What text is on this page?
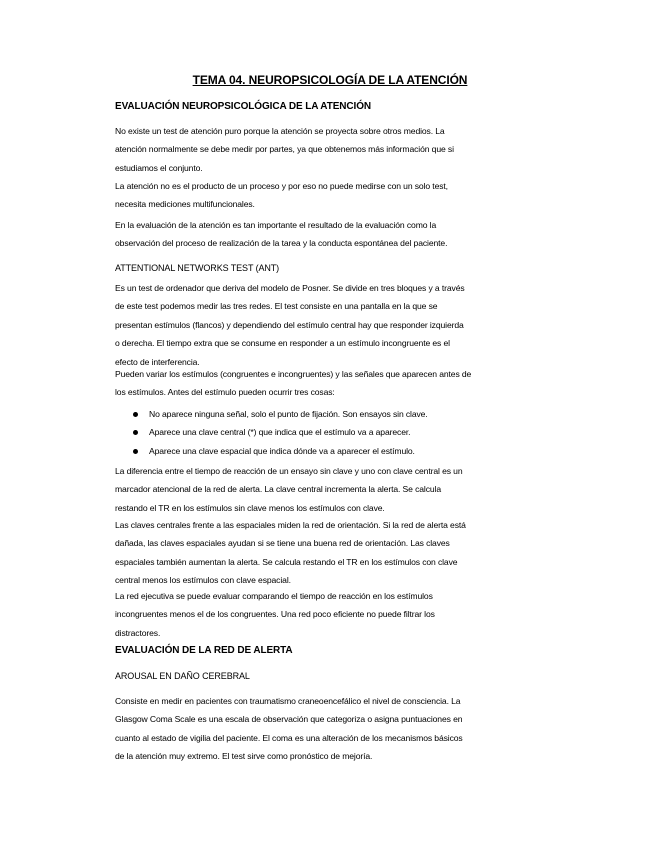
TEMA 04. NEUROPSICOLOGÍA DE LA ATENCIÓN
EVALUACIÓN NEUROPSICOLÓGICA DE LA ATENCIÓN
No existe un test de atención puro porque la atención se proyecta sobre otros medios. La
atención normalmente se debe medir por partes, ya que obtenemos más información que si
estudiamos el conjunto.
La atención no es el producto de un proceso y por eso no puede medirse con un solo test,
necesita mediciones multifuncionales.
En la evaluación de la atención es tan importante el resultado de la evaluación como la
observación del proceso de realización de la tarea y la conducta espontánea del paciente.
ATTENTIONAL NETWORKS TEST (ANT)
Es un test de ordenador que deriva del modelo de Posner. Se divide en tres bloques y a través
de este test podemos medir las tres redes. El test consiste en una pantalla en la que se
presentan estímulos (flancos) y dependiendo del estímulo central hay que responder izquierda
o derecha. El tiempo extra que se consume en responder a un estímulo incongruente es el
efecto de interferencia.
Pueden variar los estímulos (congruentes e incongruentes) y las señales que aparecen antes de
los estímulos. Antes del estímulo pueden ocurrir tres cosas:
No aparece ninguna señal, solo el punto de fijación. Son ensayos sin clave.
Aparece una clave central (*) que indica que el estímulo va a aparecer.
Aparece una clave espacial que indica dónde va a aparecer el estímulo.
La diferencia entre el tiempo de reacción de un ensayo sin clave y uno con clave central es un
marcador atencional de la red de alerta. La clave central incrementa la alerta. Se calcula
restando el TR en los estímulos sin clave menos los estímulos con clave.
Las claves centrales frente a las espaciales miden la red de orientación. Si la red de alerta está
dañada, las claves espaciales ayudan si se tiene una buena red de orientación. Las claves
espaciales también aumentan la alerta. Se calcula restando el TR en los estímulos con clave
central menos los estímulos con clave espacial.
La red ejecutiva se puede evaluar comparando el tiempo de reacción en los estímulos
incongruentes menos el de los congruentes. Una red poco eficiente no puede filtrar los
distractores.
EVALUACIÓN DE LA RED DE ALERTA
AROUSAL EN DAÑO CEREBRAL
Consiste en medir en pacientes con traumatismo craneoencefálico el nivel de consciencia. La
Glasgow Coma Scale es una escala de observación que categoriza o asigna puntuaciones en
cuanto al estado de vigilia del paciente. El coma es una alteración de los mecanismos básicos
de la atención muy extremo. El test sirve como pronóstico de mejoría.
